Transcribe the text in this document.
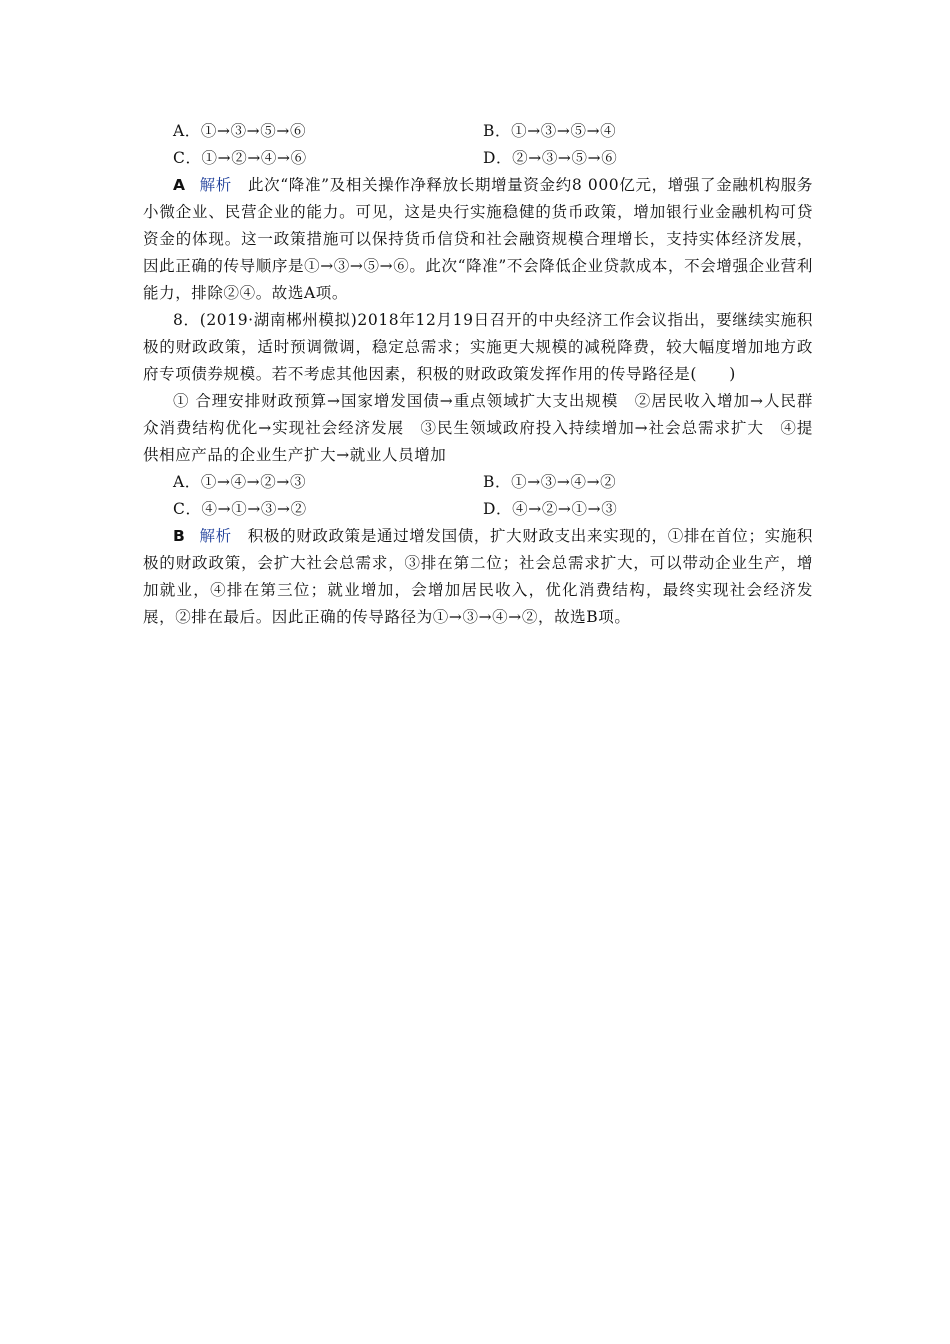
A．①→③→⑤→⑥	B．①→③→⑤→④
C．①→②→④→⑥	D．②→③→⑤→⑥

A 解析 此次“降准”及相关操作净释放长期增量资金约8 000亿元，增强了金融机构服务小微企业、民营企业的能力。可见，这是央行实施稳健的货币政策，增加银行业金融机构可贷资金的体现。这一政策措施可以保持货币信贷和社会融资规模合理增长，支持实体经济发展，因此正确的传导顺序是①→③→⑤→⑥。此次“降准”不会降低企业贷款成本，不会增强企业营利能力，排除②④。故选A项。

8．(2019·湖南郴州模拟)2018年12月19日召开的中央经济工作会议指出，要继续实施积极的财政政策，适时预调微调，稳定总需求；实施更大规模的减税降费，较大幅度增加地方政府专项债券规模。若不考虑其他因素，积极的财政政策发挥作用的传导路径是(　　)

① 合理安排财政预算→国家增发国债→重点领域扩大支出规模　②居民收入增加→人民群众消费结构优化→实现社会经济发展　③民生领域政府投入持续增加→社会总需求扩大　④提供相应产品的企业生产扩大→就业人员增加

A．①→④→②→③	B．①→③→④→②
C．④→①→③→②	D．④→②→①→③

B 解析 积极的财政政策是通过增发国债，扩大财政支出来实现的，①排在首位；实施积极的财政政策，会扩大社会总需求，③排在第二位；社会总需求扩大，可以带动企业生产，增加就业，④排在第三位；就业增加，会增加居民收入，优化消费结构，最终实现社会经济发展，②排在最后。因此正确的传导路径为①→③→④→②，故选B项。
